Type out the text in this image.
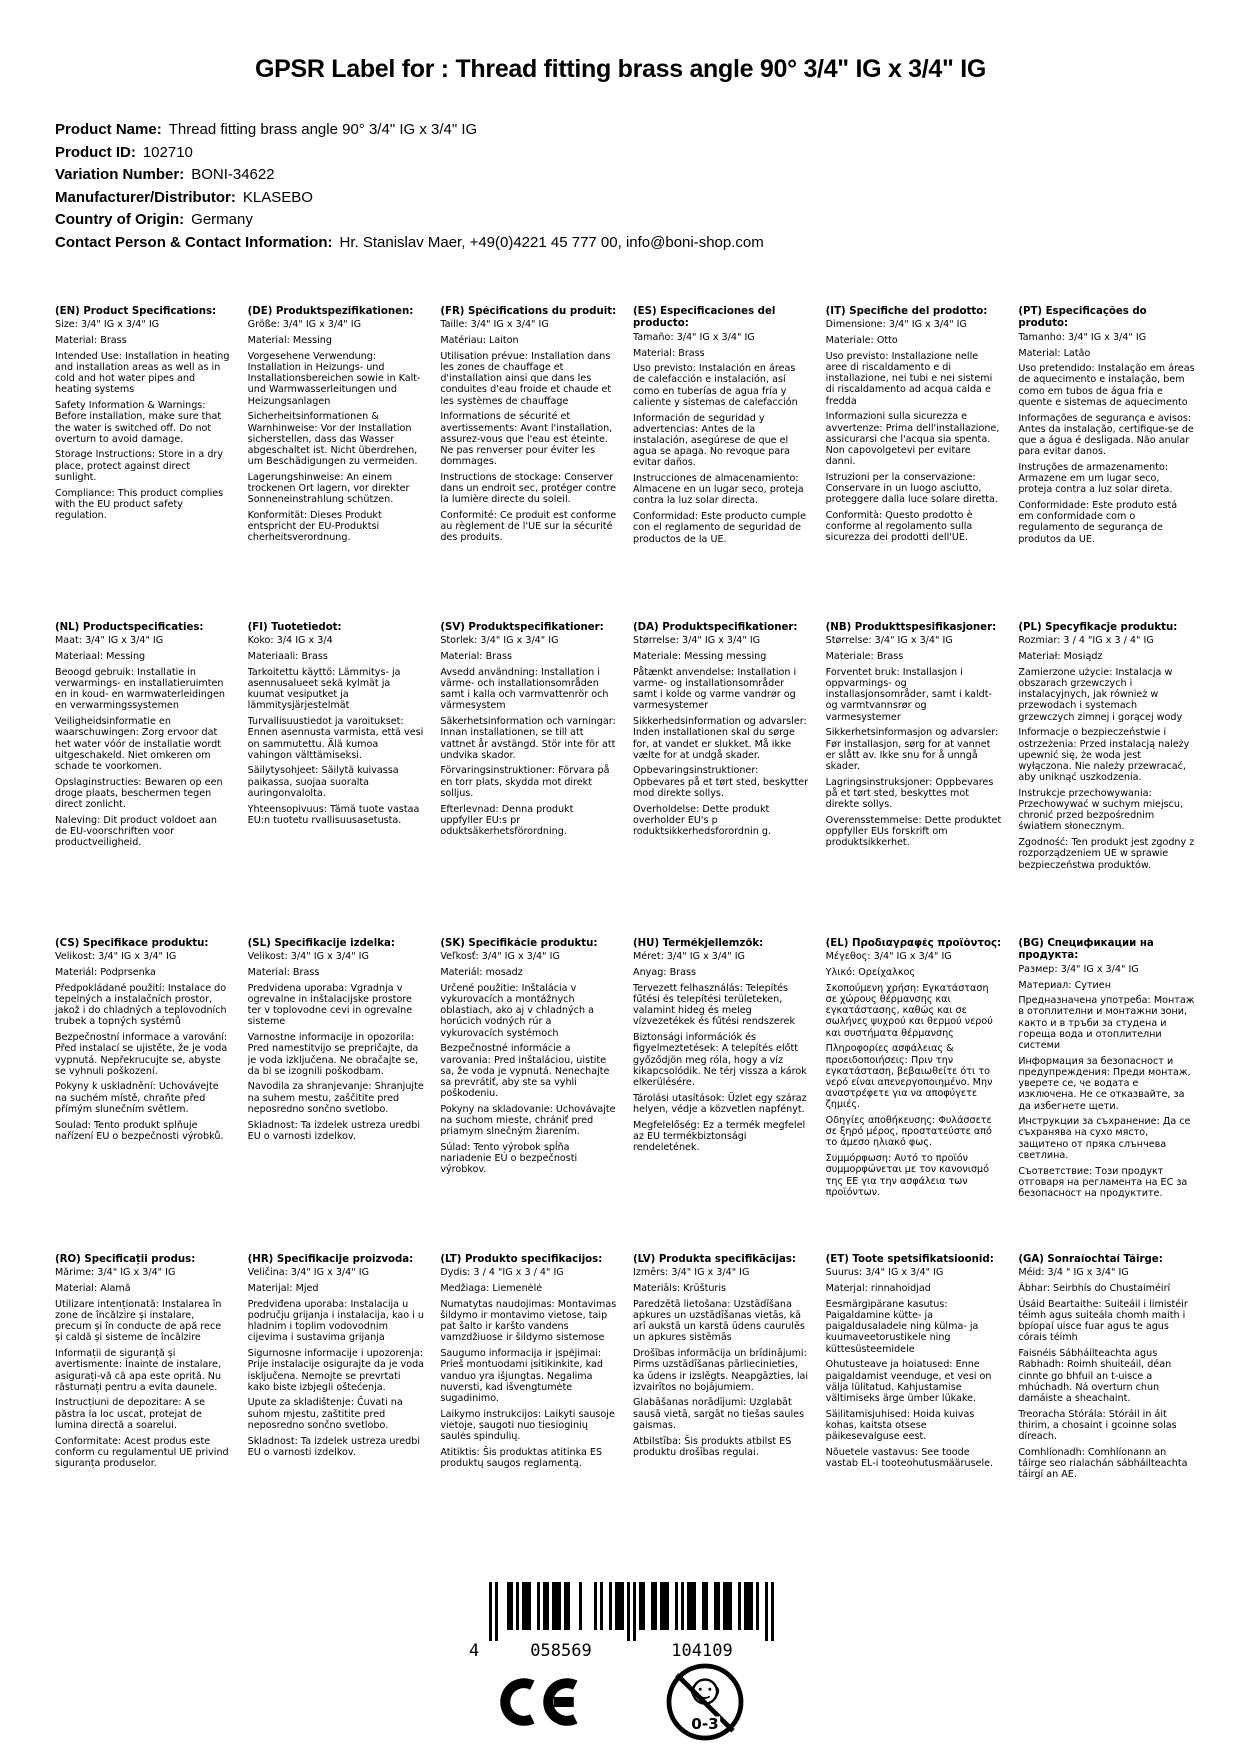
GPSR Label for : Thread fitting brass angle 90° 3/4" IG x 3/4" IG
Product Name: Thread fitting brass angle 90° 3/4" IG x 3/4" IG
Product ID: 102710
Variation Number: BONI-34622
Manufacturer/Distributor: KLASEBO
Country of Origin: Germany
Contact Person & Contact Information: Hr. Stanislav Maer, +49(0)4221 45 777 00, info@boni-shop.com
(EN) Product Specifications:

Size: 3/4" IG x 3/4" IG

Material: Brass

Intended Use: Installation in heating and installation areas as well as in cold and hot water pipes and heating systems

Safety Information & Warnings: Before installation, make sure that the water is switched off. Do not overturn to avoid damage.

Storage Instructions: Store in a dry place, protect against direct sunlight.

Compliance: This product complies with the EU product safety regulation.

(DE) Produktspezifikationen:

Größe: 3/4" IG x 3/4" IG

Material: Messing

Vorgesehene Verwendung: Installation in Heizungs- und Installationsbereichen sowie in Kalt- und Warmwasserleitungen und Heizungsanlagen

Sicherheitsinformationen & Warnhinweise: Vor der Installation sicherstellen, dass das Wasser abgeschaltet ist. Nicht überdrehen, um Beschädigungen zu vermeiden.

Lagerungshinweise: An einem trockenen Ort lagern, vor direkter Sonneneinstrahlung schützen.

Konformität: Dieses Produkt entspricht der EU-Produktsi cherheitsverordnung.

(FR) Spécifications du produit:

Taille: 3/4" IG x 3/4" IG

Matériau: Laiton

Utilisation prévue: Installation dans les zones de chauffage et d'installation ainsi que dans les conduites d'eau froide et chaude et les systèmes de chauffage

Informations de sécurité et avertissements: Avant l'installation, assurez-vous que l'eau est éteinte. Ne pas renverser pour éviter les dommages.

Instructions de stockage: Conserver dans un endroit sec, protéger contre la lumière directe du soleil.

Conformité: Ce produit est conforme au règlement de l'UE sur la sécurité des produits.

(ES) Especificaciones del producto:

Tamaño: 3/4" IG x 3/4" IG

Material: Brass

Uso previsto: Instalación en áreas de calefacción e instalación, así como en tuberías de agua fría y caliente y sistemas de calefacción

Información de seguridad y advertencias: Antes de la instalación, asegúrese de que el agua se apaga. No revoque para evitar daños.

Instrucciones de almacenamiento: Almacene en un lugar seco, proteja contra la luz solar directa.

Conformidad: Este producto cumple con el reglamento de seguridad de productos de la UE.

(IT) Specifiche del prodotto:

Dimensione: 3/4" IG x 3/4" IG

Materiale: Otto

Uso previsto: Installazione nelle aree di riscaldamento e di installazione, nei tubi e nei sistemi di riscaldamento ad acqua calda e fredda

Informazioni sulla sicurezza e avvertenze: Prima dell'installazione, assicurarsi che l'acqua sia spenta. Non capovolgetevi per evitare danni.

Istruzioni per la conservazione: Conservare in un luogo asciutto, proteggere dalla luce solare diretta.

Conformità: Questo prodotto è conforme al regolamento sulla sicurezza dei prodotti dell'UE.

(PT) Especificações do produto:

Tamanho: 3/4" IG x 3/4" IG

Material: Latão

Uso pretendido: Instalação em áreas de aquecimento e instalação, bem como em tubos de água fria e quente e sistemas de aquecimento

Informações de segurança e avisos: Antes da instalação, certifique-se de que a água é desligada. Não anular para evitar danos.

Instruções de armazenamento: Armazene em um lugar seco, proteja contra a luz solar direta.

Conformidade: Este produto está em conformidade com o regulamento de segurança de produtos da UE.

(NL) Productspecificaties:

Maat: 3/4" IG x 3/4" IG

Materiaal: Messing

Beoogd gebruik: Installatie in verwarmings- en installatieruimten en in koud- en warmwaterleidingen en verwarmingssystemen

Veiligheidsinformatie en waarschuwingen: Zorg ervoor dat het water vóór de installatie wordt uitgeschakeld. Niet omkeren om schade te voorkomen.

Opslaginstructies: Bewaren op een droge plaats, beschermen tegen direct zonlicht.

Naleving: Dit product voldoet aan de EU-voorschriften voor productveiligheid.

(FI) Tuotetiedot:

Koko: 3/4 IG x 3/4

Materiaali: Brass

Tarkoitettu käyttö: Lämmitys- ja asennusalueet sekä kylmät ja kuumat vesiputket ja lämmitysjärjestelmät

Turvallisuustiedot ja varoitukset: Ennen asennusta varmista, että vesi on sammutettu. Älä kumoa vahingon välttämiseksi.

Säilytysohjeet: Säilytä kuivassa paikassa, suojaa suoralta auringonvalolta.

Yhteensopivuus: Tämä tuote vastaa EU:n tuotetu rvallisuusasetusta.

(SV) Produktspecifikationer:

Storlek: 3/4" IG x 3/4" IG

Material: Brass

Avsedd användning: Installation i värme- och installationsområden samt i kalla och varmvattenrör och värmesystem

Säkerhetsinformation och varningar: Innan installationen, se till att vattnet år avstängd. Stör inte för att undvika skador.

Förvaringsinstruktioner: Förvara på en torr plats, skydda mot direkt solljus.

Efterlevnad: Denna produkt uppfyller EU:s pr oduktsäkerhetsförordning.

(DA) Produktspecifikationer:

Størrelse: 3/4" IG x 3/4" IG

Materiale: Messing messing

Påtænkt anvendelse: Installation i varme- og installationsområder samt i kolde og varme vandrør og varmesystemer

Sikkerhedsinformation og advarsler: Inden installationen skal du sørge for, at vandet er slukket. Må ikke vælte for at undgå skader.

Opbevaringsinstruktioner: Opbevares på et tørt sted, beskytter mod direkte sollys.

Overholdelse: Dette produkt overholder EU's p roduktsikkerhedsforordnin g.

(NB) Produkttspesifikasjoner:

Størrelse: 3/4" IG x 3/4" IG

Materiale: Brass

Forventet bruk: Installasjon i oppvarmings- og installasjonsområder, samt i kaldt- og varmtvannsrør og varmesystemer

Sikkerhetsinformasjon og advarsler: Før installasjon, sørg for at vannet er slått av. Ikke snu for å unngå skader.

Lagringsinstruksjoner: Oppbevares på et tørt sted, beskyttes mot direkte sollys.

Overensstemmelse: Dette produktet oppfyller EUs forskrift om produktsikkerhet.

(PL) Specyfikacje produktu:

Rozmiar: 3 / 4 "IG x 3 / 4" IG

Materiał: Mosiądz

Zamierzone użycie: Instalacja w obszarach grzewczych i instalacyjnych, jak również w przewodach i systemach grzewczych zimnej i gorącej wody

Informacje o bezpieczeństwie i ostrzeżenia: Przed instalacją należy upewnić się, że woda jest wyłączona. Nie należy przewracać, aby uniknąć uszkodzenia.

Instrukcje przechowywania: Przechowywać w suchym miejscu, chronić przed bezpośrednim światłem słonecznym.

Zgodność: Ten produkt jest zgodny z rozporządzeniem UE w sprawie bezpieczeństwa produktów.

(CS) Specifikace produktu:

Velikost: 3/4" IG x 3/4" IG

Materiál: Podprsenka

Předpokládané použití: Instalace do tepelných a instalačních prostor, jakož i do chladných a teplovodních trubek a topných systémů

Bezpečnostní informace a varování: Před instalací se ujistěte, že je voda vypnutá. Nepřekrucujte se, abyste se vyhnuli poškození.

Pokyny k uskladnění: Uchovávejte na suchém místě, chraňte před přímým slunečním světlem.

Soulad: Tento produkt splňuje nařízení EU o bezpečnosti výrobků.

(SL) Specifikacije izdelka:

Velikost: 3/4" IG x 3/4" IG

Material: Brass

Predvidena uporaba: Vgradnja v ogrevalne in inštalacijske prostore ter v toplovodne cevi in ogrevalne sisteme

Varnostne informacije in opozorila: Pred namestitvijo se prepričajte, da je voda izključena. Ne obračajte se, da bi se izognili poškodbam.

Navodila za shranjevanje: Shranjujte na suhem mestu, zaščitite pred neposredno sončno svetlobo.

Skladnost: Ta izdelek ustreza uredbi EU o varnosti izdelkov.

(SK) Špecifikácie produktu:

Veľkosť: 3/4" IG x 3/4" IG

Materiál: mosadz

Určené použitie: Inštalácia v vykurovacích a montážnych oblastiach, ako aj v chladných a horúcich vodných rúr a vykurovacích systémoch

Bezpečnostné informácie a varovania: Pred inštaláciou, uistite sa, že voda je vypnutá. Nenechajte sa prevrátiť, aby ste sa vyhli poškodeniu.

Pokyny na skladovanie: Uchovávajte na suchom mieste, chrániť pred priamym slnečným žiarením.

Súlad: Tento výrobok spĺňa nariadenie EÚ o bezpečnosti výrobkov.

(HU) Termékjellemzők:

Méret: 3/4" IG x 3/4" IG

Anyag: Brass

Tervezett felhasználás: Telepítés fűtési és telepítési területeken, valamint hideg és meleg vízvezetékek és fűtési rendszerek

Biztonsági információk és figyelmeztetések: A telepítés előtt győződjön meg róla, hogy a víz kikapcsolódik. Ne térj vissza a károk elkerülésére.

Tárolási utasítások: Üzlet egy száraz helyen, védje a közvetlen napfényt.

Megfelelőség: Ez a termék megfelel az EU termékbiztonsági rendeletének.

(EL) Προδιαγραφές προϊόντος:

Μέγεθος: 3/4" IG x 3/4" IG

Υλικό: Ορείχαλκος

Σκοπούμενη χρήση: Εγκατάσταση σε χώρους θέρμανσης και εγκατάστασης, καθώς και σε σωλήνες ψυχρού και θερμού νερού και συστήματα θέρμανσης

Πληροφορίες ασφάλειας & προειδοποιήσεις: Πριν την εγκατάσταση, βεβαιωθείτε ότι το νερό είναι απενεργοποιημένο. Μην αναστρέφετε για να αποφύγετε ζημιές.

Οδηγίες αποθήκευσης: Φυλάσσετε σε ξηρό μέρος, προστατεύστε από το άμεσο ηλιακό φως.

Συμμόρφωση: Αυτό το προϊόν συμμορφώνεται με τον κανονισμό της ΕΕ για την ασφάλεια των προϊόντων.

(BG) Спецификации на продукта:

Размер: 3/4" IG x 3/4" IG

Материал: Сутиен

Предназначена употреба: Монтаж в отоплителни и монтажни зони, както и в тръби за студена и гореща вода и отоплителни системи

Информация за безопасност и предупреждения: Преди монтаж, уверете се, че водата е изключена. Не се отказвайте, за да избегнете щети.

Инструкции за съхранение: Да се съхранява на сухо място, защитено от пряка слънчева светлина.

Съответствие: Този продукт отговаря на регламента на ЕС за безопасност на продуктите.

(RO) Specificații produs:

Mărime: 3/4" IG x 3/4" IG

Material: Alamă

Utilizare intenționată: Instalarea în zone de încălzire și instalare, precum și în conducte de apă rece și caldă și sisteme de încălzire

Informații de siguranță și avertismente: Înainte de instalare, asigurați-vă că apa este oprită. Nu răsturnați pentru a evita daunele.

Instrucțiuni de depozitare: A se păstra la loc uscat, protejat de lumina directă a soarelui.

Conformitate: Acest produs este conform cu regulamentul UE privind siguranța produselor.

(HR) Specifikacije proizvoda:

Veličina: 3/4" IG x 3/4" IG

Materijal: Mjed

Predviđena uporaba: Instalacija u području grijanja i instalacija, kao i u hladnim i toplim vodovodnim cijevima i sustavima grijanja

Sigurnosne informacije i upozorenja: Prije instalacije osigurajte da je voda isključena. Nemojte se prevrtati kako biste izbjegli oštećenja.

Upute za skladištenje: Čuvati na suhom mjestu, zaštitite pred neposredno sončno svetlobo.

Skladnost: Ta izdelek ustreza uredbi EU o varnosti izdelkov.

(LT) Produkto specifikacijos:

Dydis: 3 / 4 "IG x 3 / 4" IG

Medžiaga: Liemenėlė

Numatytas naudojimas: Montavimas šildymo ir montavimo vietose, taip pat šalto ir karšto vandens vamzdžiuose ir šildymo sistemose

Saugumo informacija ir įspėjimai: Prieš montuodami įsitikinkite, kad vanduo yra išjungtas. Negalima nuversti, kad išvengtumėte sugadinimo.

Laikymo instrukcijos: Laikyti sausoje vietoje, saugoti nuo tiesioginių saulės spindulių.

Atitiktis: Šis produktas atitinka ES produktų saugos reglamentą.

(LV) Produkta specifikācijas:

Izmērs: 3/4" IG x 3/4" IG

Materiāls: Krūšturis

Paredzētā lietošana: Uzstādīšana apkures un uzstādīšanas vietās, kā arī aukstā un karstā ūdens caurulēs un apkures sistēmās

Drošības informācija un brīdinājumi: Pirms uzstādīšanas pārliecinieties, ka ūdens ir izslēgts. Neapgāzties, lai izvairītos no bojājumiem.

Glabāšanas norādījumi: Uzglabāt sausā vietā, sargāt no tiešas saules gaismas.

Atbilstība: Šis produkts atbilst ES produktu drošības regulai.

(ET) Toote spetsifikatsioonid:

Suurus: 3/4" IG x 3/4" IG

Materjal: rinnahoidjad

Eesmärgipärane kasutus: Paigaldamine kütte- ja paigaldusaladele ning külma- ja kuumaveetorustikele ning küttesüsteemidele

Ohutusteave ja hoiatused: Enne paigaldamist veenduge, et vesi on välja lülitatud. Kahjustamise vältimiseks ärge ümber lükake.

Säilitamisjuhised: Hoida kuivas kohas, kaitsta otsese päikesevalguse eest.

Nõuetele vastavus: See toode vastab EL-i tooteohutusmäärusele.

(GA) Sonraíochtaí Táirge:

Méid: 3/4 " IG x 3/4" IG

Ábhar: Seirbhís do Chustaiméirí

Úsáid Beartaithe: Suiteáil i limistéir téimh agus suiteála chomh maith i bpíopaí uisce fuar agus te agus córais téimh

Faisnéis Sábháilteachta agus Rabhadh: Roimh shuiteáil, déan cinnte go bhfuil an t-uisce a mhúchadh. Ná overturn chun damáiste a sheachaint.

Treoracha Stórála: Stóráil in áit thirim, a chosaint i gcoinne solas díreach.

Comhlíonadh: Comhlíonann an táirge seo rialachán sábháilteachta táirgí an AE.

4	058569	104109
0-3
